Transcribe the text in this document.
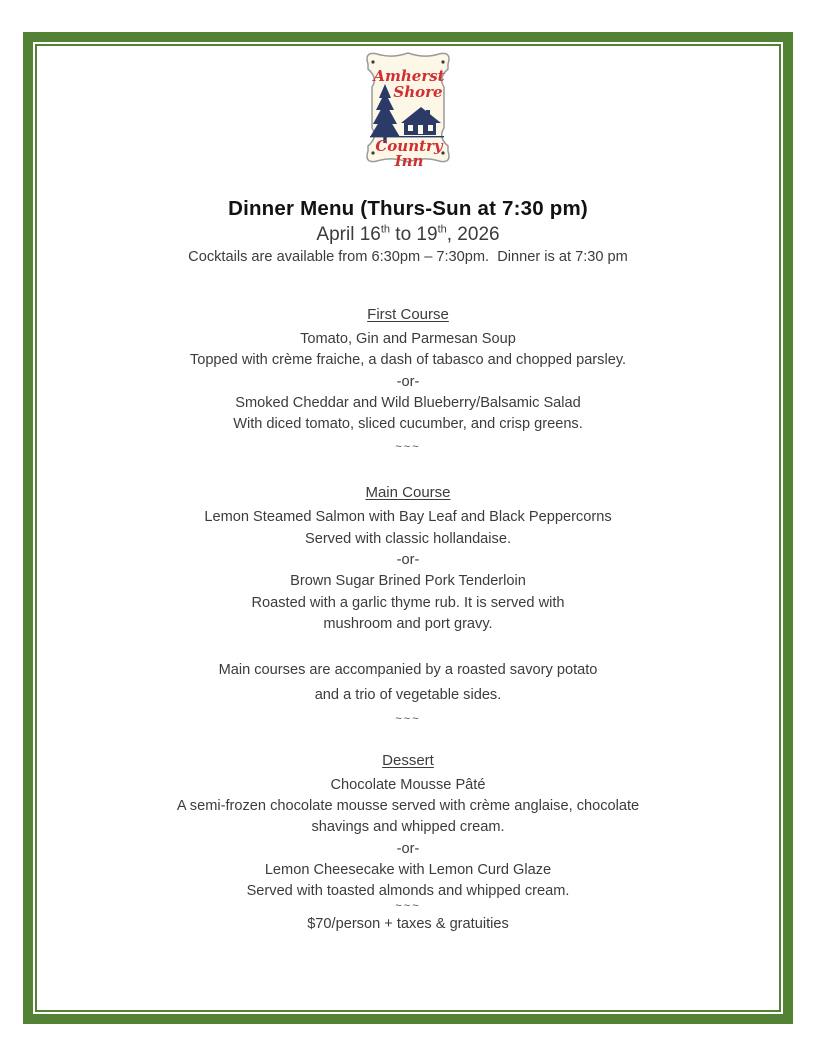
Amherst
Shore
Country
Inn
Dinner Menu (Thurs-Sun at 7:30 pm)
April 16th to 19th, 2026

Cocktails are available from 6:30pm – 7:30pm.  Dinner is at 7:30 pm

First Course

Tomato, Gin and Parmesan Soup

Topped with crème fraiche, a dash of tabasco and chopped parsley.

-or-

Smoked Cheddar and Wild Blueberry/Balsamic Salad

With diced tomato, sliced cucumber, and crisp greens.

~~~

Main Course

Lemon Steamed Salmon with Bay Leaf and Black Peppercorns

Served with classic hollandaise.

-or-

Brown Sugar Brined Pork Tenderloin

Roasted with a garlic thyme rub. It is served with

mushroom and port gravy.

Main courses are accompanied by a roasted savory potato

and a trio of vegetable sides.

~~~

Dessert

Chocolate Mousse Pâté

A semi-frozen chocolate mousse served with crème anglaise, chocolate

shavings and whipped cream.

-or-

Lemon Cheesecake with Lemon Curd Glaze

Served with toasted almonds and whipped cream.

~~~

$70/person + taxes & gratuities
